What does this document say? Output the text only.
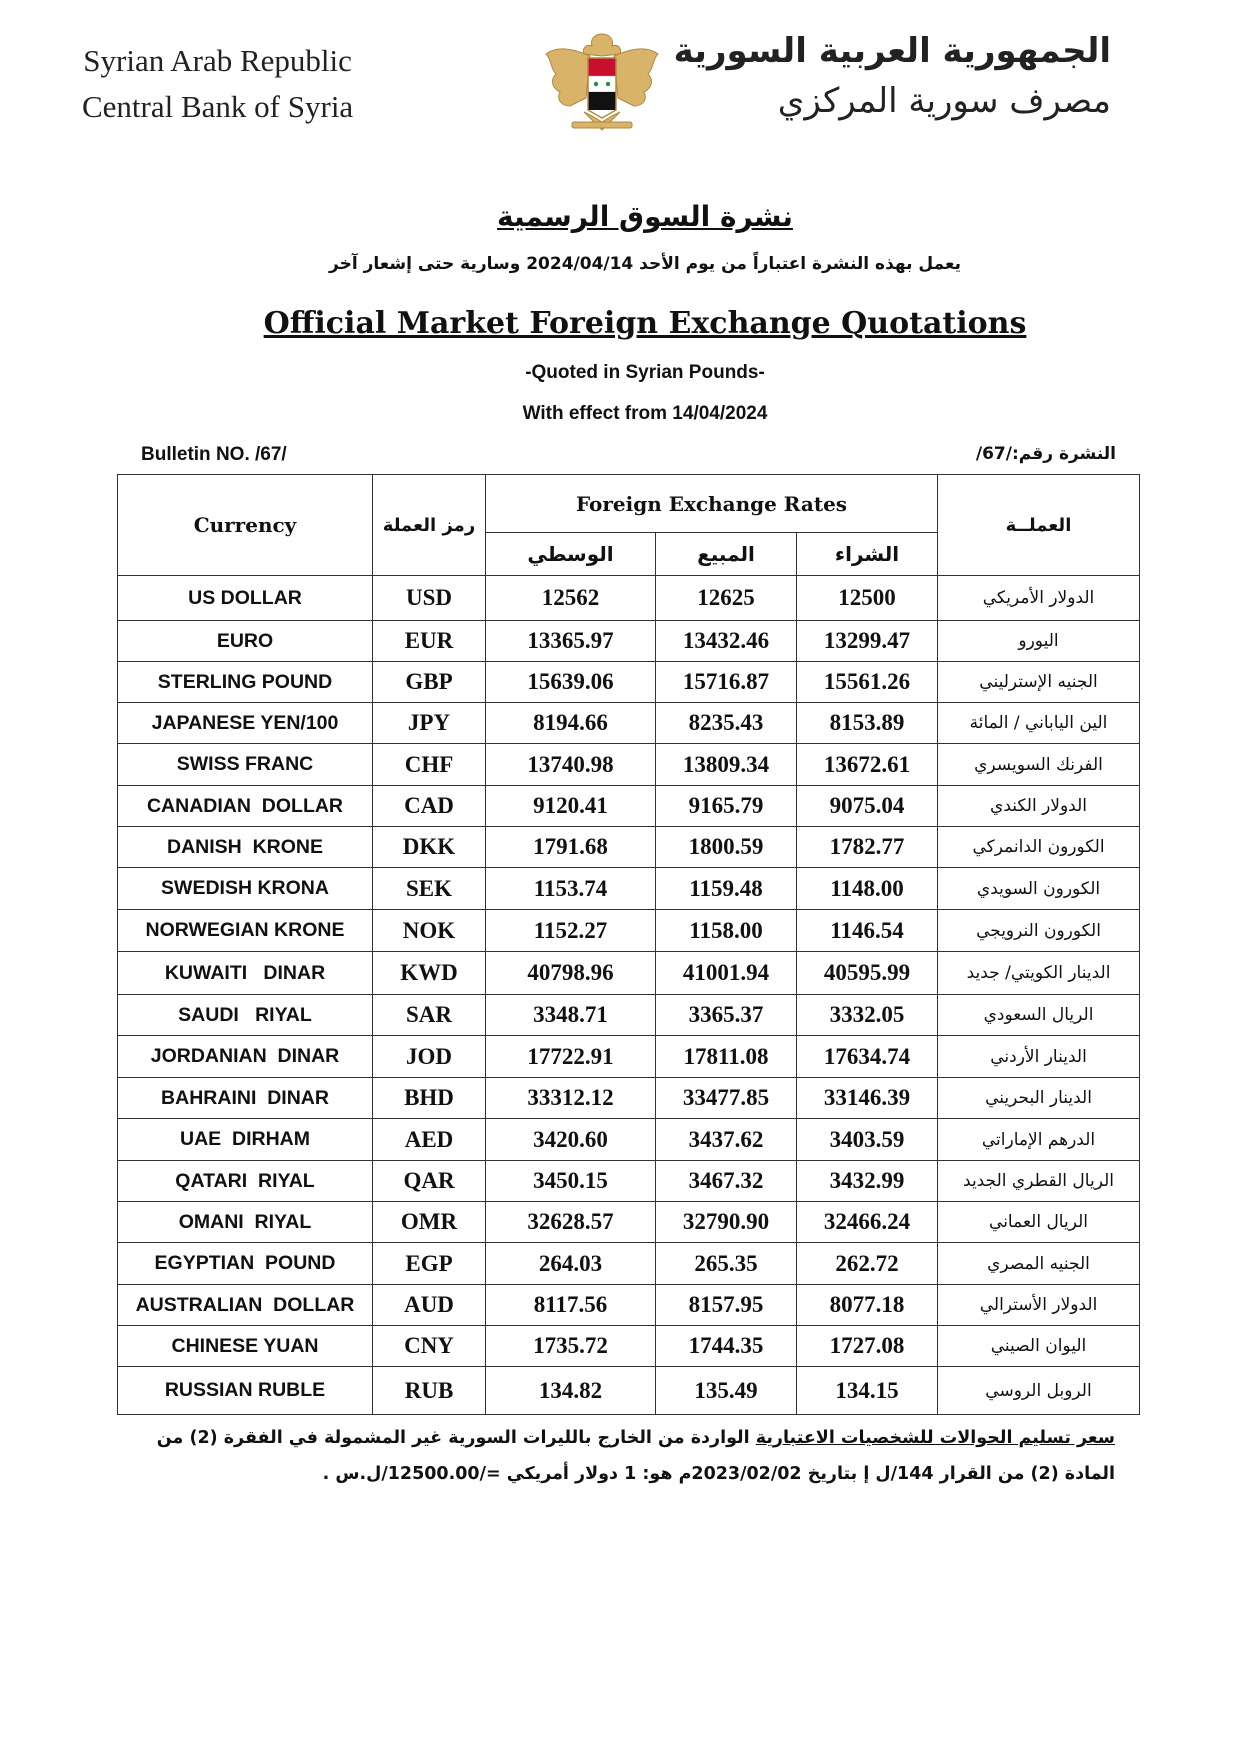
Syrian Arab Republic
Central Bank of Syria
الجمهورية العربية السورية
مصرف سورية المركزي
نشرة السوق الرسمية
يعمل بهذه النشرة اعتباراً من يوم الأحد 2024/04/14 وسارية حتى إشعار آخر
Official Market Foreign Exchange Quotations
-Quoted in Syrian Pounds-
With effect from 14/04/2024
Bulletin NO. /67/	النشرة رقم:/67/
Currency	رمز العملة	Foreign Exchange Rates			العملــة
		الوسطي	المبيع	الشراء	
US DOLLAR	USD	12562	12625	12500	الدولار الأمريكي
EURO	EUR	13365.97	13432.46	13299.47	اليورو
STERLING POUND	GBP	15639.06	15716.87	15561.26	الجنيه الإسترليني
JAPANESE YEN/100	JPY	8194.66	8235.43	8153.89	الين الياباني / المائة
SWISS FRANC	CHF	13740.98	13809.34	13672.61	الفرنك السويسري
CANADIAN  DOLLAR	CAD	9120.41	9165.79	9075.04	الدولار الكندي
DANISH  KRONE	DKK	1791.68	1800.59	1782.77	الكورون الدانمركي
SWEDISH KRONA	SEK	1153.74	1159.48	1148.00	الكورون السويدي
NORWEGIAN KRONE	NOK	1152.27	1158.00	1146.54	الكورون النرويجي
KUWAITI   DINAR	KWD	40798.96	41001.94	40595.99	الدينار الكويتي/ جديد
SAUDI   RIYAL	SAR	3348.71	3365.37	3332.05	الريال السعودي
JORDANIAN  DINAR	JOD	17722.91	17811.08	17634.74	الدينار الأردني
BAHRAINI  DINAR	BHD	33312.12	33477.85	33146.39	الدينار البحريني
UAE  DIRHAM	AED	3420.60	3437.62	3403.59	الدرهم الإماراتي
QATARI  RIYAL	QAR	3450.15	3467.32	3432.99	الريال القطري الجديد
OMANI  RIYAL	OMR	32628.57	32790.90	32466.24	الريال العماني
EGYPTIAN  POUND	EGP	264.03	265.35	262.72	الجنيه المصري
AUSTRALIAN  DOLLAR	AUD	8117.56	8157.95	8077.18	الدولار الأسترالي
CHINESE YUAN	CNY	1735.72	1744.35	1727.08	اليوان الصيني
RUSSIAN RUBLE	RUB	134.82	135.49	134.15	الروبل الروسي
سعر تسليم الحوالات للشخصيات الاعتبارية الواردة من الخارج بالليرات السورية غير المشمولة في الفقرة (2) من المادة (2) من القرار 144/ل إ بتاريخ 2023/02/02م هو: 1 دولار أمريكي =/12500.00/ل.س .
